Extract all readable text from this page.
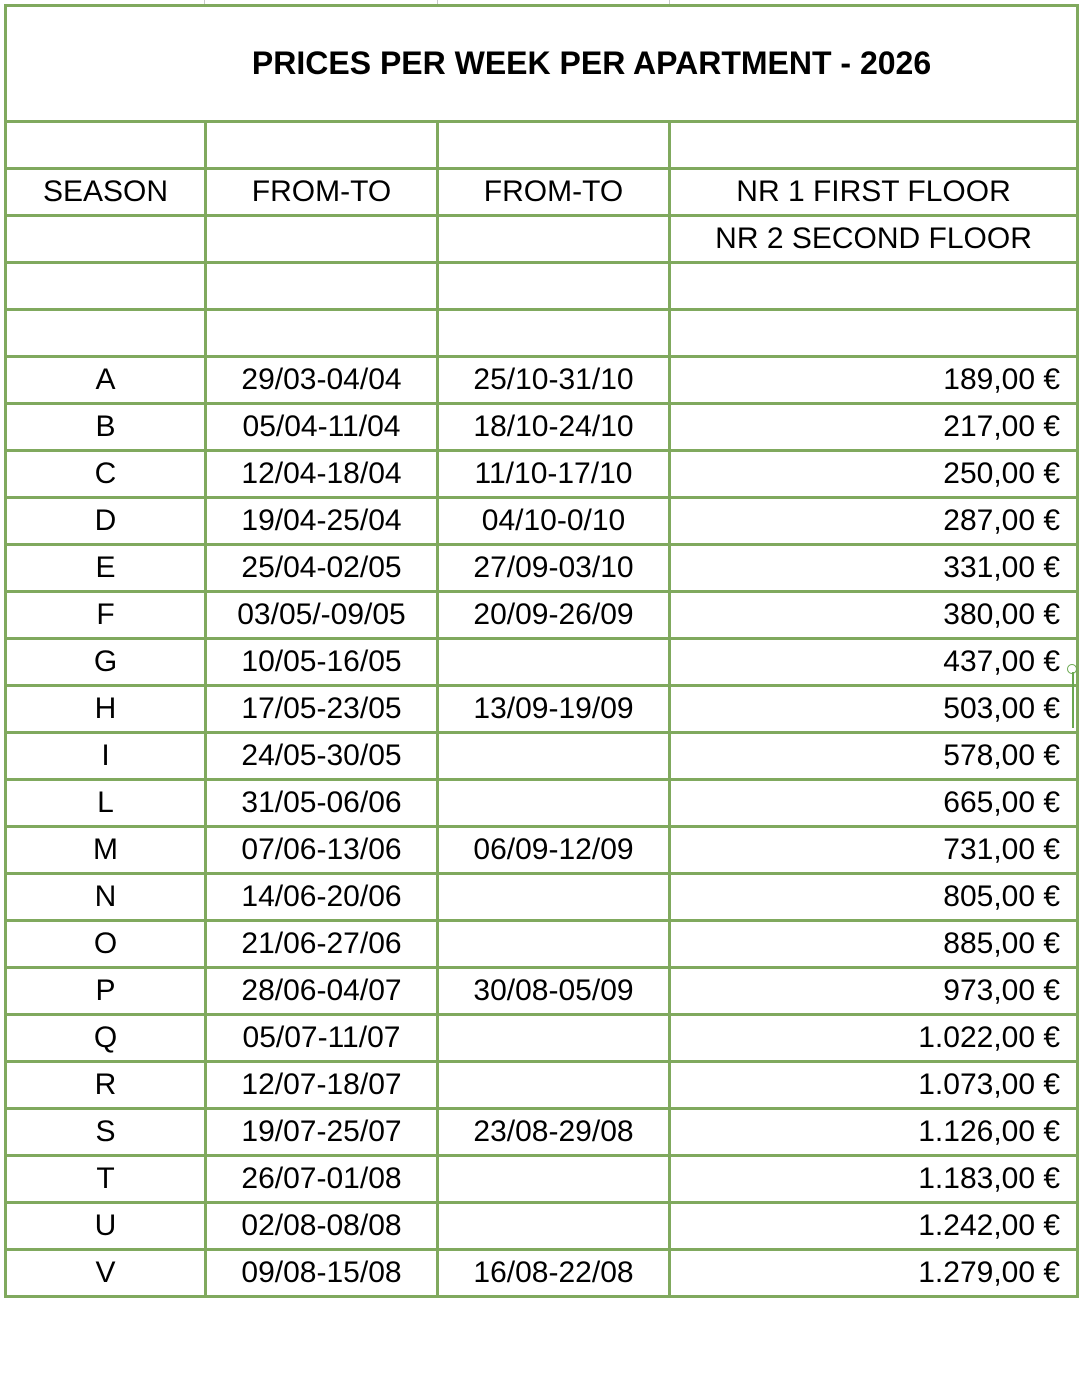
PRICES PER WEEK PER APARTMENT - 2026			

SEASON	FROM-TO	FROM-TO	NR 1 FIRST FLOOR
			NR 2 SECOND FLOOR

A	29/03-04/04	25/10-31/10	189,00 €
B	05/04-11/04	18/10-24/10	217,00 €
C	12/04-18/04	11/10-17/10	250,00 €
D	19/04-25/04	04/10-0/10	287,00 €
E	25/04-02/05	27/09-03/10	331,00 €
F	03/05/-09/05	20/09-26/09	380,00 €
G	10/05-16/05		437,00 €
H	17/05-23/05	13/09-19/09	503,00 €
I	24/05-30/05		578,00 €
L	31/05-06/06		665,00 €
M	07/06-13/06	06/09-12/09	731,00 €
N	14/06-20/06		805,00 €
O	21/06-27/06		885,00 €
P	28/06-04/07	30/08-05/09	973,00 €
Q	05/07-11/07		1.022,00 €
R	12/07-18/07		1.073,00 €
S	19/07-25/07	23/08-29/08	1.126,00 €
T	26/07-01/08		1.183,00 €
U	02/08-08/08		1.242,00 €
V	09/08-15/08	16/08-22/08	1.279,00 €
